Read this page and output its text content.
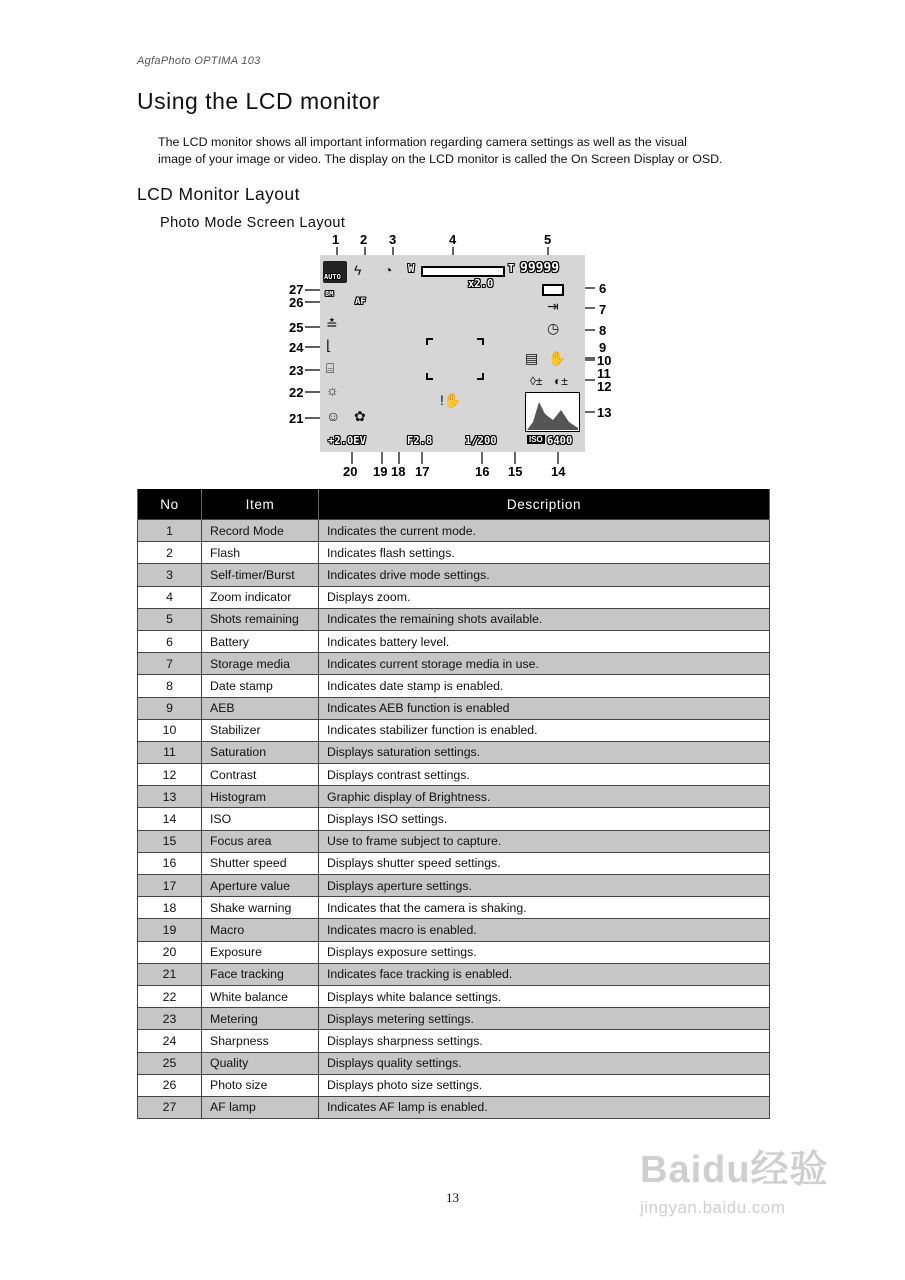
AgfaPhoto OPTIMA 103
Using the LCD monitor

The LCD monitor shows all important information regarding camera settings as well as the visual

image of your image or video. The display on the LCD monitor is called the On Screen Display or OSD.

LCD Monitor Layout
Photo Mode Screen Layout
AUTO ϟ ◔ W	T 99999
x2.0
⇥
◷
▤ ✋
◊± ◐±
8M
AF
≛
⌊
⌸
☼
☺ ✿
!✋
+2.0EV	F2.8	1/200	ISO 6400
1 2 3	4	5
6
7
8
9
10
11
12
13
27
26
25
24
23
22
21
20 19 18 17	16 15 14
No	Item	Description
1	Record Mode	Indicates the current mode.
2	Flash	Indicates flash settings.
3	Self-timer/Burst	Indicates drive mode settings.
4	Zoom indicator	Displays zoom.
5	Shots remaining	Indicates the remaining shots available.
6	Battery	Indicates battery level.
7	Storage media	Indicates current storage media in use.
8	Date stamp	Indicates date stamp is enabled.
9	AEB	Indicates AEB function is enabled
10	Stabilizer	Indicates stabilizer function is enabled.
11	Saturation	Displays saturation settings.
12	Contrast	Displays contrast settings.
13	Histogram	Graphic display of Brightness.
14	ISO	Displays ISO settings.
15	Focus area	Use to frame subject to capture.
16	Shutter speed	Displays shutter speed settings.
17	Aperture value	Displays aperture settings.
18	Shake warning	Indicates that the camera is shaking.
19	Macro	Indicates macro is enabled.
20	Exposure	Displays exposure settings.
21	Face tracking	Indicates face tracking is enabled.
22	White balance	Displays white balance settings.
23	Metering	Displays metering settings.
24	Sharpness	Displays sharpness settings.
25	Quality	Displays quality settings.
26	Photo size	Displays photo size settings.
27	AF lamp	Indicates AF lamp is enabled.
13
Baidu经验
jingyan.baidu.com
